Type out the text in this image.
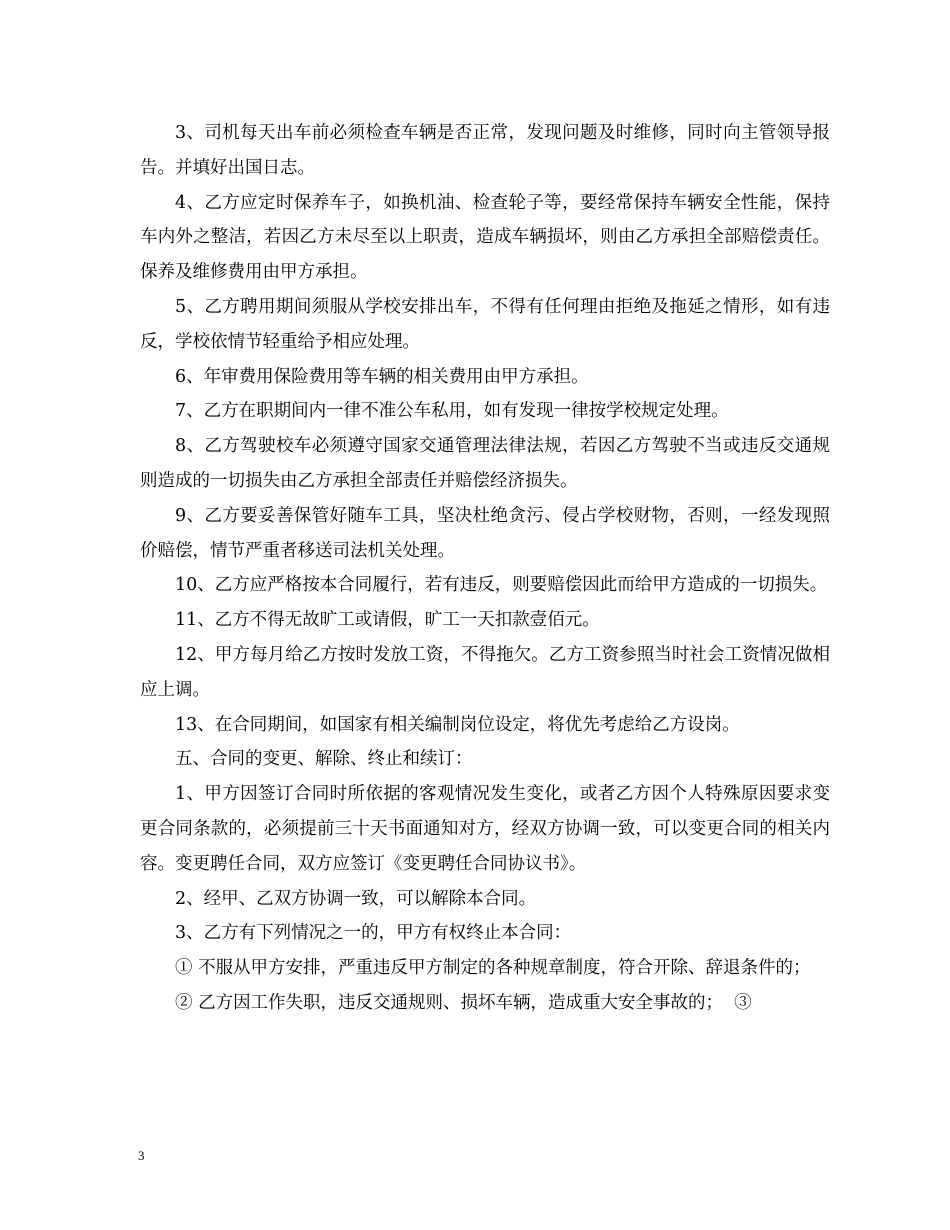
3、司机每天出车前必须检查车辆是否正常，发现问题及时维修，同时向主管领导报告。并填好出国日志。

4、乙方应定时保养车子，如换机油、检查轮子等，要经常保持车辆安全性能，保持车内外之整洁，若因乙方未尽至以上职责，造成车辆损坏，则由乙方承担全部赔偿责任。保养及维修费用由甲方承担。

5、乙方聘用期间须服从学校安排出车，不得有任何理由拒绝及拖延之情形，如有违反，学校依情节轻重给予相应处理。

6、年审费用保险费用等车辆的相关费用由甲方承担。

7、乙方在职期间内一律不准公车私用，如有发现一律按学校规定处理。

8、乙方驾驶校车必须遵守国家交通管理法律法规，若因乙方驾驶不当或违反交通规则造成的一切损失由乙方承担全部责任并赔偿经济损失。

9、乙方要妥善保管好随车工具，坚决杜绝贪污、侵占学校财物，否则，一经发现照价赔偿，情节严重者移送司法机关处理。

10、乙方应严格按本合同履行，若有违反，则要赔偿因此而给甲方造成的一切损失。

11、乙方不得无故旷工或请假，旷工一天扣款壹佰元。

12、甲方每月给乙方按时发放工资，不得拖欠。乙方工资参照当时社会工资情况做相应上调。

13、在合同期间，如国家有相关编制岗位设定，将优先考虑给乙方设岗。

五、合同的变更、解除、终止和续订：

1、甲方因签订合同时所依据的客观情况发生变化，或者乙方因个人特殊原因要求变更合同条款的，必须提前三十天书面通知对方，经双方协调一致，可以变更合同的相关内容。变更聘任合同，双方应签订《变更聘任合同协议书》。

2、经甲、乙双方协调一致，可以解除本合同。

3、乙方有下列情况之一的，甲方有权终止本合同：

① 不服从甲方安排，严重违反甲方制定的各种规章制度，符合开除、辞退条件的；

② 乙方因工作失职，违反交通规则、损坏车辆，造成重大安全事故的；  ③

3
